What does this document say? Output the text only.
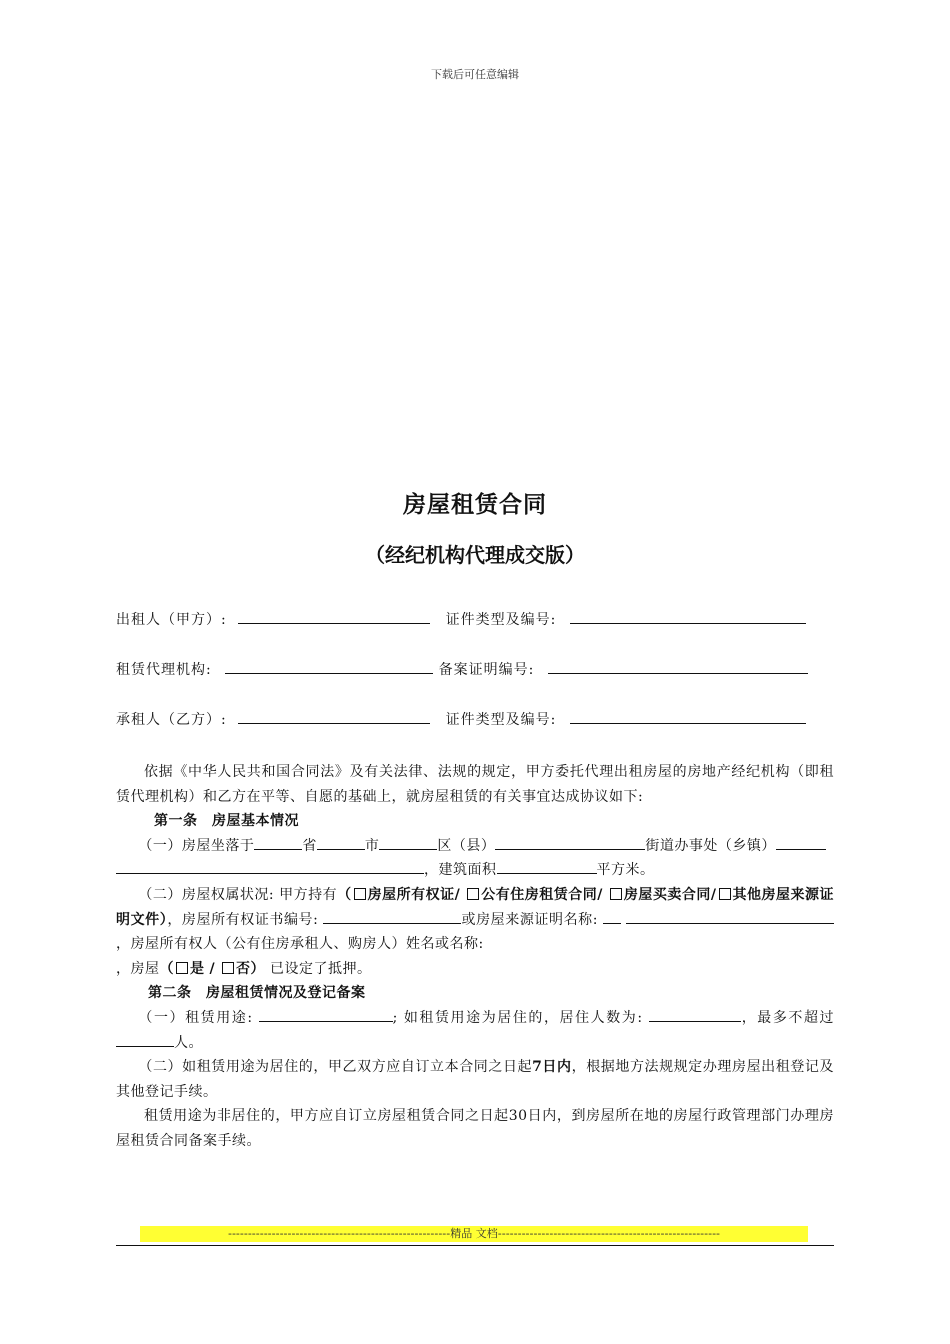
下载后可任意编辑
房屋租赁合同
（经纪机构代理成交版）
出租人（甲方）:	证件类型及编号:
租赁代理机构:	备案证明编号:
承租人（乙方）:	证件类型及编号:

依据《中华人民共和国合同法》及有关法律、法规的规定，甲方委托代理出租房屋的房地产经纪机构（即租赁代理机构）和乙方在平等、自愿的基础上，就房屋租赁的有关事宜达成协议如下:

第一条　房屋基本情况

（一）房屋坐落于	省	市	区（县）	街道办事处（乡镇）
，建筑面积	平方米。

（二）房屋权属状况: 甲方持有（ 房屋所有权证/ 公有住房租赁合同/ 房屋买卖合同/ 其他房屋来源证明文件），房屋所有权证书编号:	或房屋来源证明名称:  ，房屋所有权人（公有住房承租人、购房人）姓名或名称:
，房屋（ 是 / 否） 已设定了抵押。

第二条　房屋租赁情况及登记备案

（一）租赁用途:	; 如租赁用途为居住的，居住人数为:	，最多不超过人。

（二）如租赁用途为居住的，甲乙双方应自订立本合同之日起7日内，根据地方法规规定办理房屋出租登记及其他登记手续。

租赁用途为非居住的，甲方应自订立房屋租赁合同之日起30日内，到房屋所在地的房屋行政管理部门办理房屋租赁合同备案手续。

--------------------------------------------------------精品 文档--------------------------------------------------------
